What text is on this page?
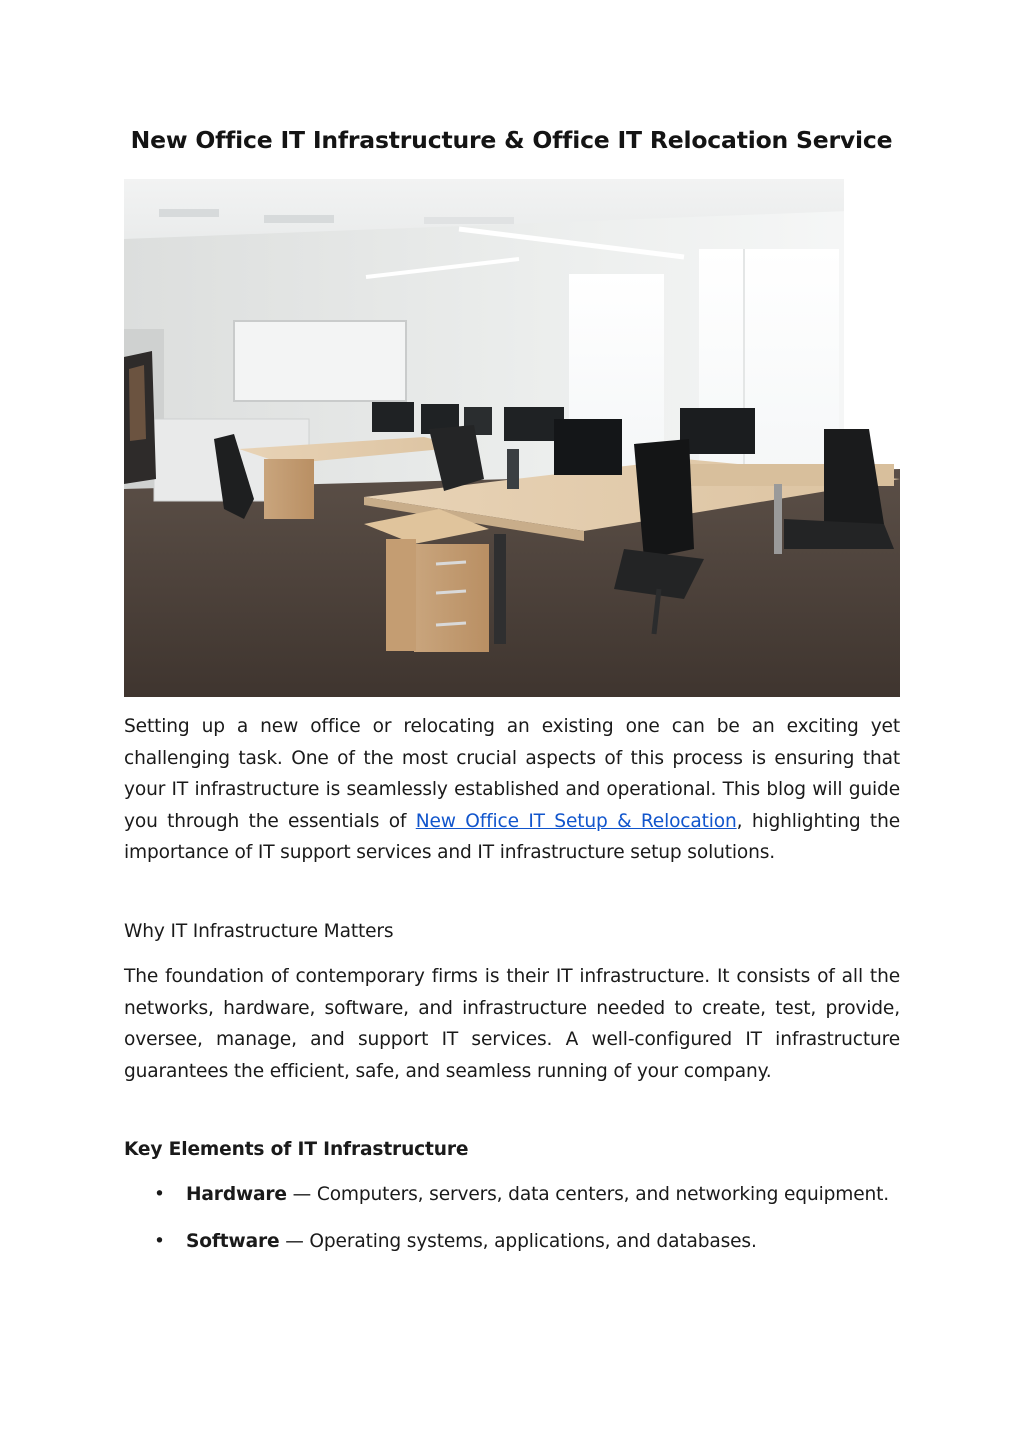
New Office IT Infrastructure & Office IT Relocation Service

Setting up a new office or relocating an existing one can be an exciting yet challenging task. One of the most crucial aspects of this process is ensuring that your IT infrastructure is seamlessly established and operational. This blog will guide you through the essentials of New Office IT Setup & Relocation, highlighting the importance of IT support services and IT infrastructure setup solutions.

Why IT Infrastructure Matters

The foundation of contemporary firms is their IT infrastructure. It consists of all the networks, hardware, software, and infrastructure needed to create, test, provide, oversee, manage, and support IT services. A well-configured IT infrastructure guarantees the efficient, safe, and seamless running of your company.

Key Elements of IT Infrastructure

• Hardware — Computers, servers, data centers, and networking equipment.
• Software — Operating systems, applications, and databases.
